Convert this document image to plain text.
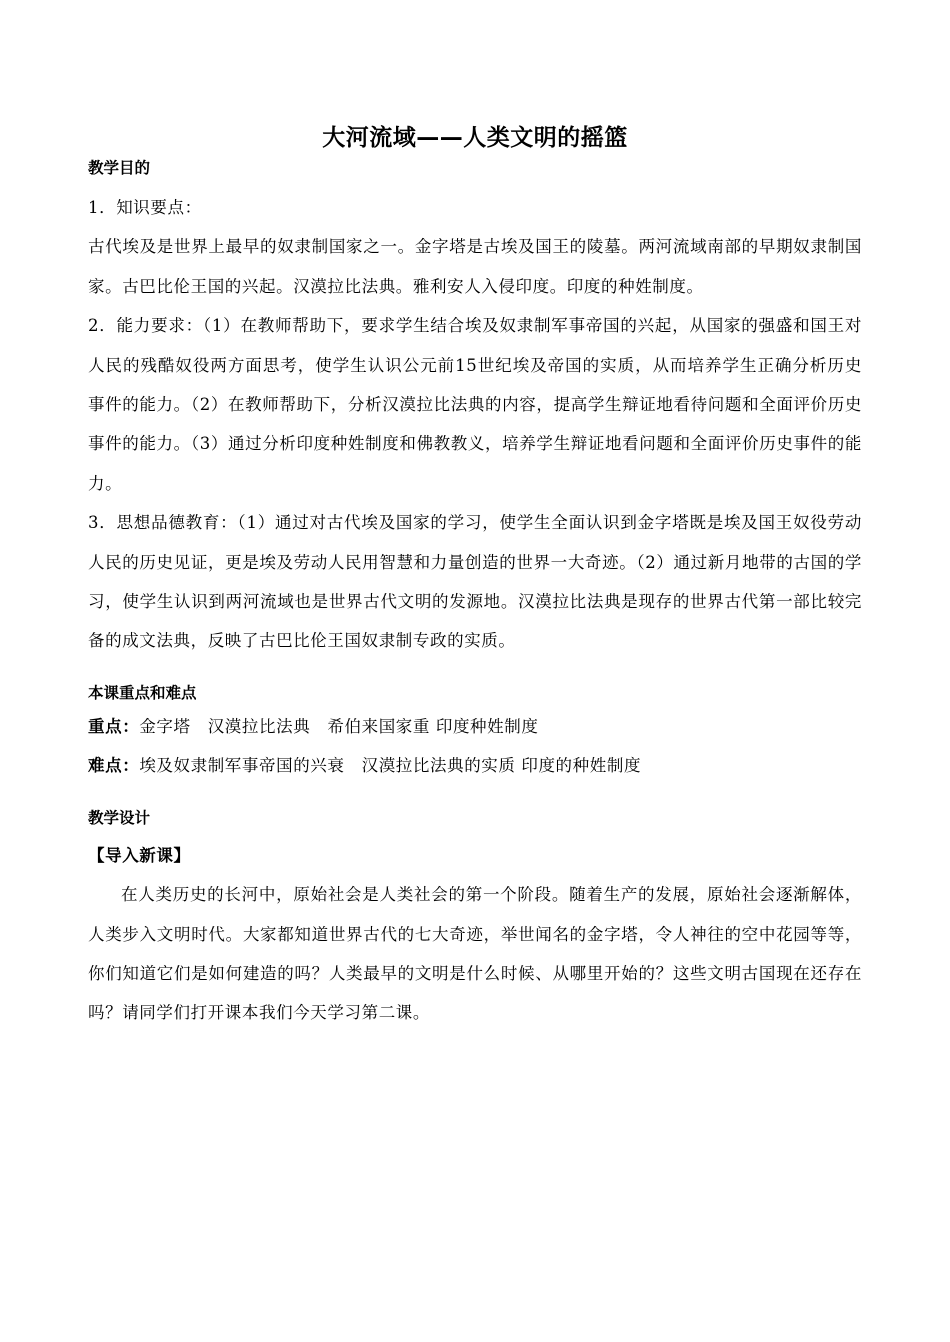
大河流域——人类文明的摇篮

教学目的

1．知识要点：

古代埃及是世界上最早的奴隶制国家之一。金字塔是古埃及国王的陵墓。两河流域南部的早期奴隶制国家。古巴比伦王国的兴起。汉漠拉比法典。雅利安人入侵印度。印度的种姓制度。

2．能力要求：（1）在教师帮助下，要求学生结合埃及奴隶制军事帝国的兴起，从国家的强盛和国王对人民的残酷奴役两方面思考，使学生认识公元前15世纪埃及帝国的实质，从而培养学生正确分析历史事件的能力。（2）在教师帮助下，分析汉漠拉比法典的内容，提高学生辩证地看待问题和全面评价历史事件的能力。（3）通过分析印度种姓制度和佛教教义，培养学生辩证地看问题和全面评价历史事件的能力。

3．思想品德教育：（1）通过对古代埃及国家的学习，使学生全面认识到金字塔既是埃及国王奴役劳动人民的历史见证，更是埃及劳动人民用智慧和力量创造的世界一大奇迹。（2）通过新月地带的古国的学习，使学生认识到两河流域也是世界古代文明的发源地。汉漠拉比法典是现存的世界古代第一部比较完备的成文法典，反映了古巴比伦王国奴隶制专政的实质。

本课重点和难点

重点：金字塔　汉漠拉比法典　希伯来国家重 印度种姓制度

难点：埃及奴隶制军事帝国的兴衰　汉漠拉比法典的实质 印度的种姓制度

教学设计

【导入新课】

在人类历史的长河中，原始社会是人类社会的第一个阶段。随着生产的发展，原始社会逐渐解体，人类步入文明时代。大家都知道世界古代的七大奇迹，举世闻名的金字塔，令人神往的空中花园等等，你们知道它们是如何建造的吗？人类最早的文明是什么时候、从哪里开始的？这些文明古国现在还存在吗？请同学们打开课本我们今天学习第二课。
